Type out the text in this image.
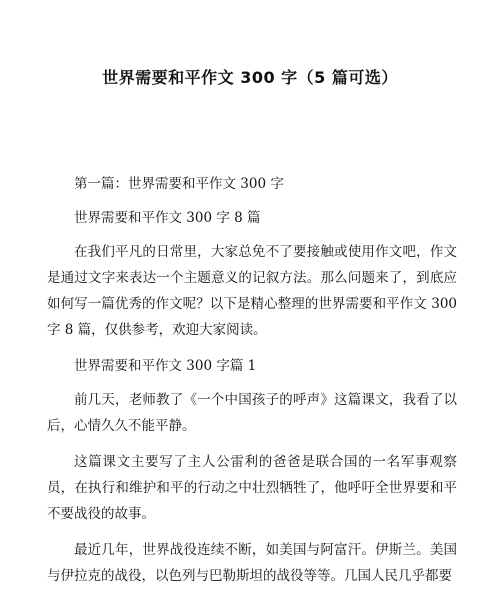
世界需要和平作文 300 字（5 篇可选）

第一篇：世界需要和平作文 300 字

世界需要和平作文 300 字 8 篇

在我们平凡的日常里，大家总免不了要接触或使用作文吧，作文是通过文字来表达一个主题意义的记叙方法。那么问题来了，到底应如何写一篇优秀的作文呢？以下是精心整理的世界需要和平作文 300 字 8 篇，仅供参考，欢迎大家阅读。

世界需要和平作文 300 字篇 1

前几天，老师教了《一个中国孩子的呼声》这篇课文，我看了以后，心情久久不能平静。

这篇课文主要写了主人公雷利的爸爸是联合国的一名军事观察员，在执行和维护和平的行动之中壮烈牺牲了，他呼吁全世界要和平不要战役的故事。

最近几年，世界战役连续不断，如美国与阿富汗。伊斯兰。美国与伊拉克的战役，以色列与巴勒斯坦的战役等等。几国人民几乎都要
